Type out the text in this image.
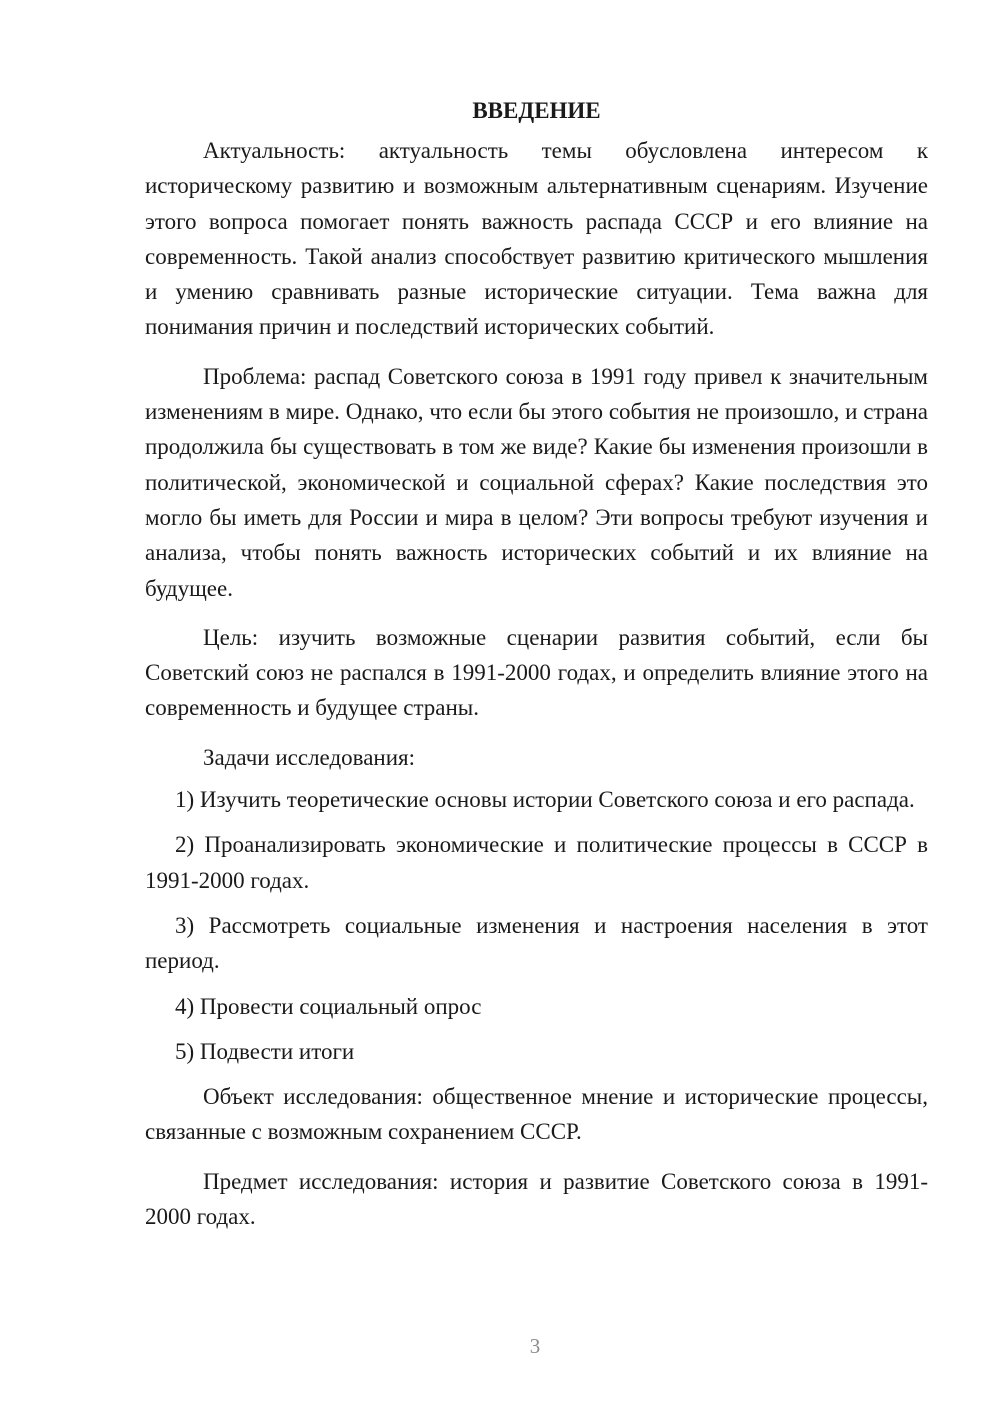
ВВЕДЕНИЕ

Актуальность: актуальность темы обусловлена интересом к историческому развитию и возможным альтернативным сценариям. Изучение этого вопроса помогает понять важность распада СССР и его влияние на современность. Такой анализ способствует развитию критического мышления и умению сравнивать разные исторические ситуации. Тема важна для понимания причин и последствий исторических событий.

Проблема: распад Советского союза в 1991 году привел к значительным изменениям в мире. Однако, что если бы этого события не произошло, и страна продолжила бы существовать в том же виде? Какие бы изменения произошли в политической, экономической и социальной сферах? Какие последствия это могло бы иметь для России и мира в целом? Эти вопросы требуют изучения и анализа, чтобы понять важность исторических событий и их влияние на будущее.

Цель: изучить возможные сценарии развития событий, если бы Советский союз не распался в 1991-2000 годах, и определить влияние этого на современность и будущее страны.

Задачи исследования:

1) Изучить теоретические основы истории Советского союза и его распада.

2) Проанализировать экономические и политические процессы в СССР в 1991-2000 годах.

3) Рассмотреть социальные изменения и настроения населения в этот период.

4) Провести социальный опрос

5) Подвести итоги

Объект исследования: общественное мнение и исторические процессы, связанные с возможным сохранением СССР.

Предмет исследования: история и развитие Советского союза в 1991-2000 годах.

3
